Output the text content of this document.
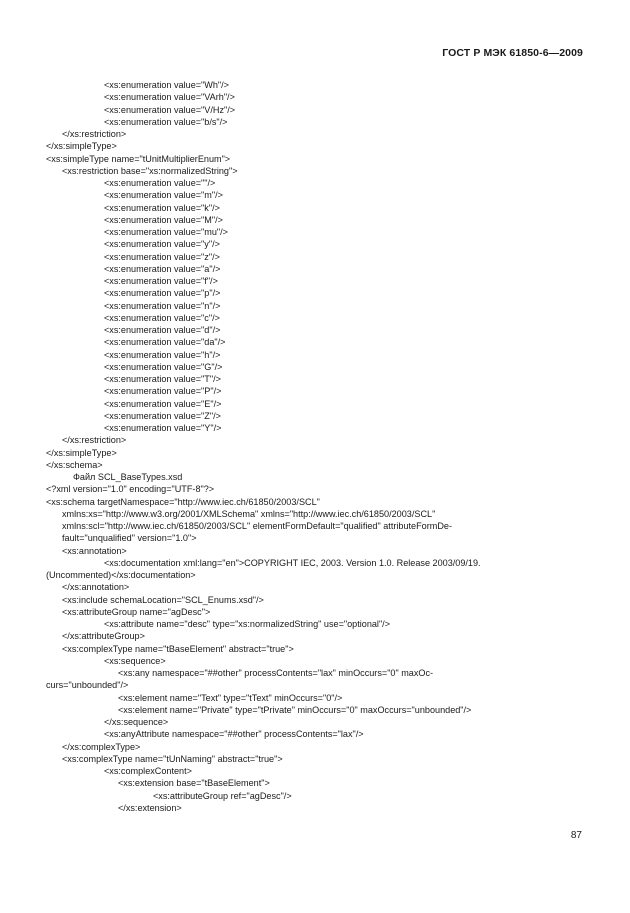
ГОСТ Р МЭК 61850-6—2009
<xs:enumeration value="Wh"/>
<xs:enumeration value="VArh"/>
<xs:enumeration value="V/Hz"/>
<xs:enumeration value="b/s"/>
</xs:restriction>
</xs:simpleType>
<xs:simpleType name="tUnitMultiplierEnum">
<xs:restriction base="xs:normalizedString">
<xs:enumeration value=""/>
<xs:enumeration value="m"/>
<xs:enumeration value="k"/>
<xs:enumeration value="M"/>
<xs:enumeration value="mu"/>
<xs:enumeration value="y"/>
<xs:enumeration value="z"/>
<xs:enumeration value="a"/>
<xs:enumeration value="f"/>
<xs:enumeration value="p"/>
<xs:enumeration value="n"/>
<xs:enumeration value="c"/>
<xs:enumeration value="d"/>
<xs:enumeration value="da"/>
<xs:enumeration value="h"/>
<xs:enumeration value="G"/>
<xs:enumeration value="T"/>
<xs:enumeration value="P"/>
<xs:enumeration value="E"/>
<xs:enumeration value="Z"/>
<xs:enumeration value="Y"/>
</xs:restriction>
</xs:simpleType>
</xs:schema>
Файл SCL_BaseTypes.xsd
<?xml version="1.0" encoding="UTF-8"?>
<xs:schema targetNamespace="http://www.iec.ch/61850/2003/SCL"
xmlns:xs="http://www.w3.org/2001/XMLSchema" xmlns="http://www.iec.ch/61850/2003/SCL"
xmlns:scl="http://www.iec.ch/61850/2003/SCL" elementFormDefault="qualified" attributeFormDe-
fault="unqualified" version="1.0">
<xs:annotation>
<xs:documentation xml:lang="en">COPYRIGHT IEC, 2003. Version 1.0. Release 2003/09/19.
(Uncommented)</xs:documentation>
</xs:annotation>
<xs:include schemaLocation="SCL_Enums.xsd"/>
<xs:attributeGroup name="agDesc">
<xs:attribute name="desc" type="xs:normalizedString" use="optional"/>
</xs:attributeGroup>
<xs:complexType name="tBaseElement" abstract="true">
<xs:sequence>
<xs:any namespace="##other" processContents="lax" minOccurs="0" maxOc-
curs="unbounded"/>
<xs:element name="Text" type="tText" minOccurs="0"/>
<xs:element name="Private" type="tPrivate" minOccurs="0" maxOccurs="unbounded"/>
</xs:sequence>
<xs:anyAttribute namespace="##other" processContents="lax"/>
</xs:complexType>
<xs:complexType name="tUnNaming" abstract="true">
<xs:complexContent>
<xs:extension base="tBaseElement">
<xs:attributeGroup ref="agDesc"/>
</xs:extension>
87
